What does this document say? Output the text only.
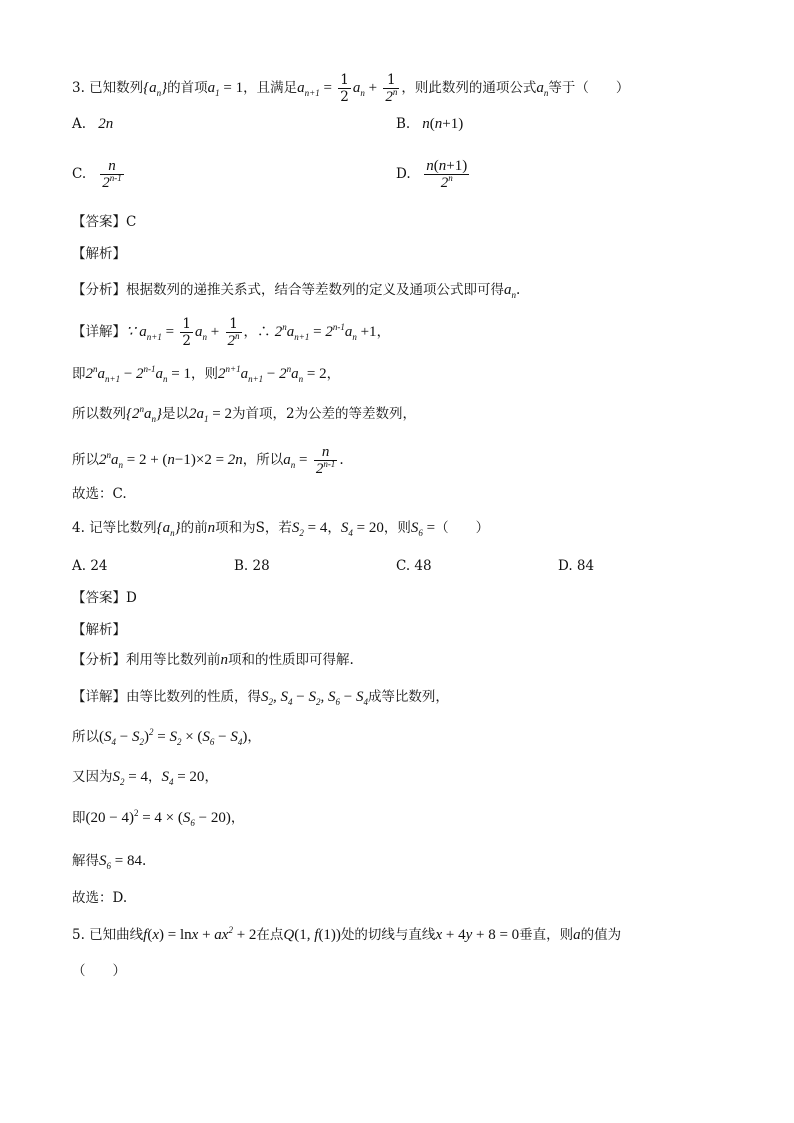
3. 已知数列$\{a_n\}$的首项$a_1 = 1$，且满足$a_{n+1} = \frac{1}{2} a_n + \frac{1}{2^n}$ ，则此数列的通项公式$a_n$等于（　　）
A. 2n	B. n(n+1)
C. $\frac{n}{2^{n-1}}$	D. $\frac{n(n+1)}{2^n}$
【答案】C
【解析】
【分析】根据数列的递推关系式，结合等差数列的定义及通项公式即可得$a_n$.
【详解】∵ $a_{n+1} = \frac{1}{2} a_n + \frac{1}{2^n}$ ，∴ $2^na_{n+1} = 2^{n-1}a_n +1$，
即$2^na_{n+1} - 2^{n-1}a_n = 1$，则$2^{n+1}a_{n+1} - 2^na_n = 2$，
所以数列$\{2^na_n\}$是以$2a_1 = 2$为首项，2为公差的等差数列，
所以$2^na_n = 2 + (n-1)\times 2 = 2n$，所以$a_n = \frac{n}{2^{n-1}}$ .
故选：C.
4. 记等比数列$\{a_n\}$的前n项和为S，若$S_2 = 4$，$S_4 = 20$，则$S_6$ =（　　）
A. 24	B. 28	C. 48	D. 84
【答案】D
【解析】
【分析】利用等比数列前n项和的性质即可得解.
【详解】由等比数列的性质，得$S_2$, $S_4 - S_2$, $S_6 - S_4$成等比数列，
所以$(S_4 - S_2)^2 = S_2 \times (S_6 - S_4)$，
又因为$S_2 = 4$，$S_4 = 20$，
即$(20 - 4)^2 = 4 \times (S_6 - 20)$，
解得$S_6 = 84$.
故选：D.
5. 已知曲线$f(x) = \ln x + ax^2 + 2$在点Q(1, f(1))处的切线与直线x + 4y + 8 = 0垂直，则a的值为
（　　）
